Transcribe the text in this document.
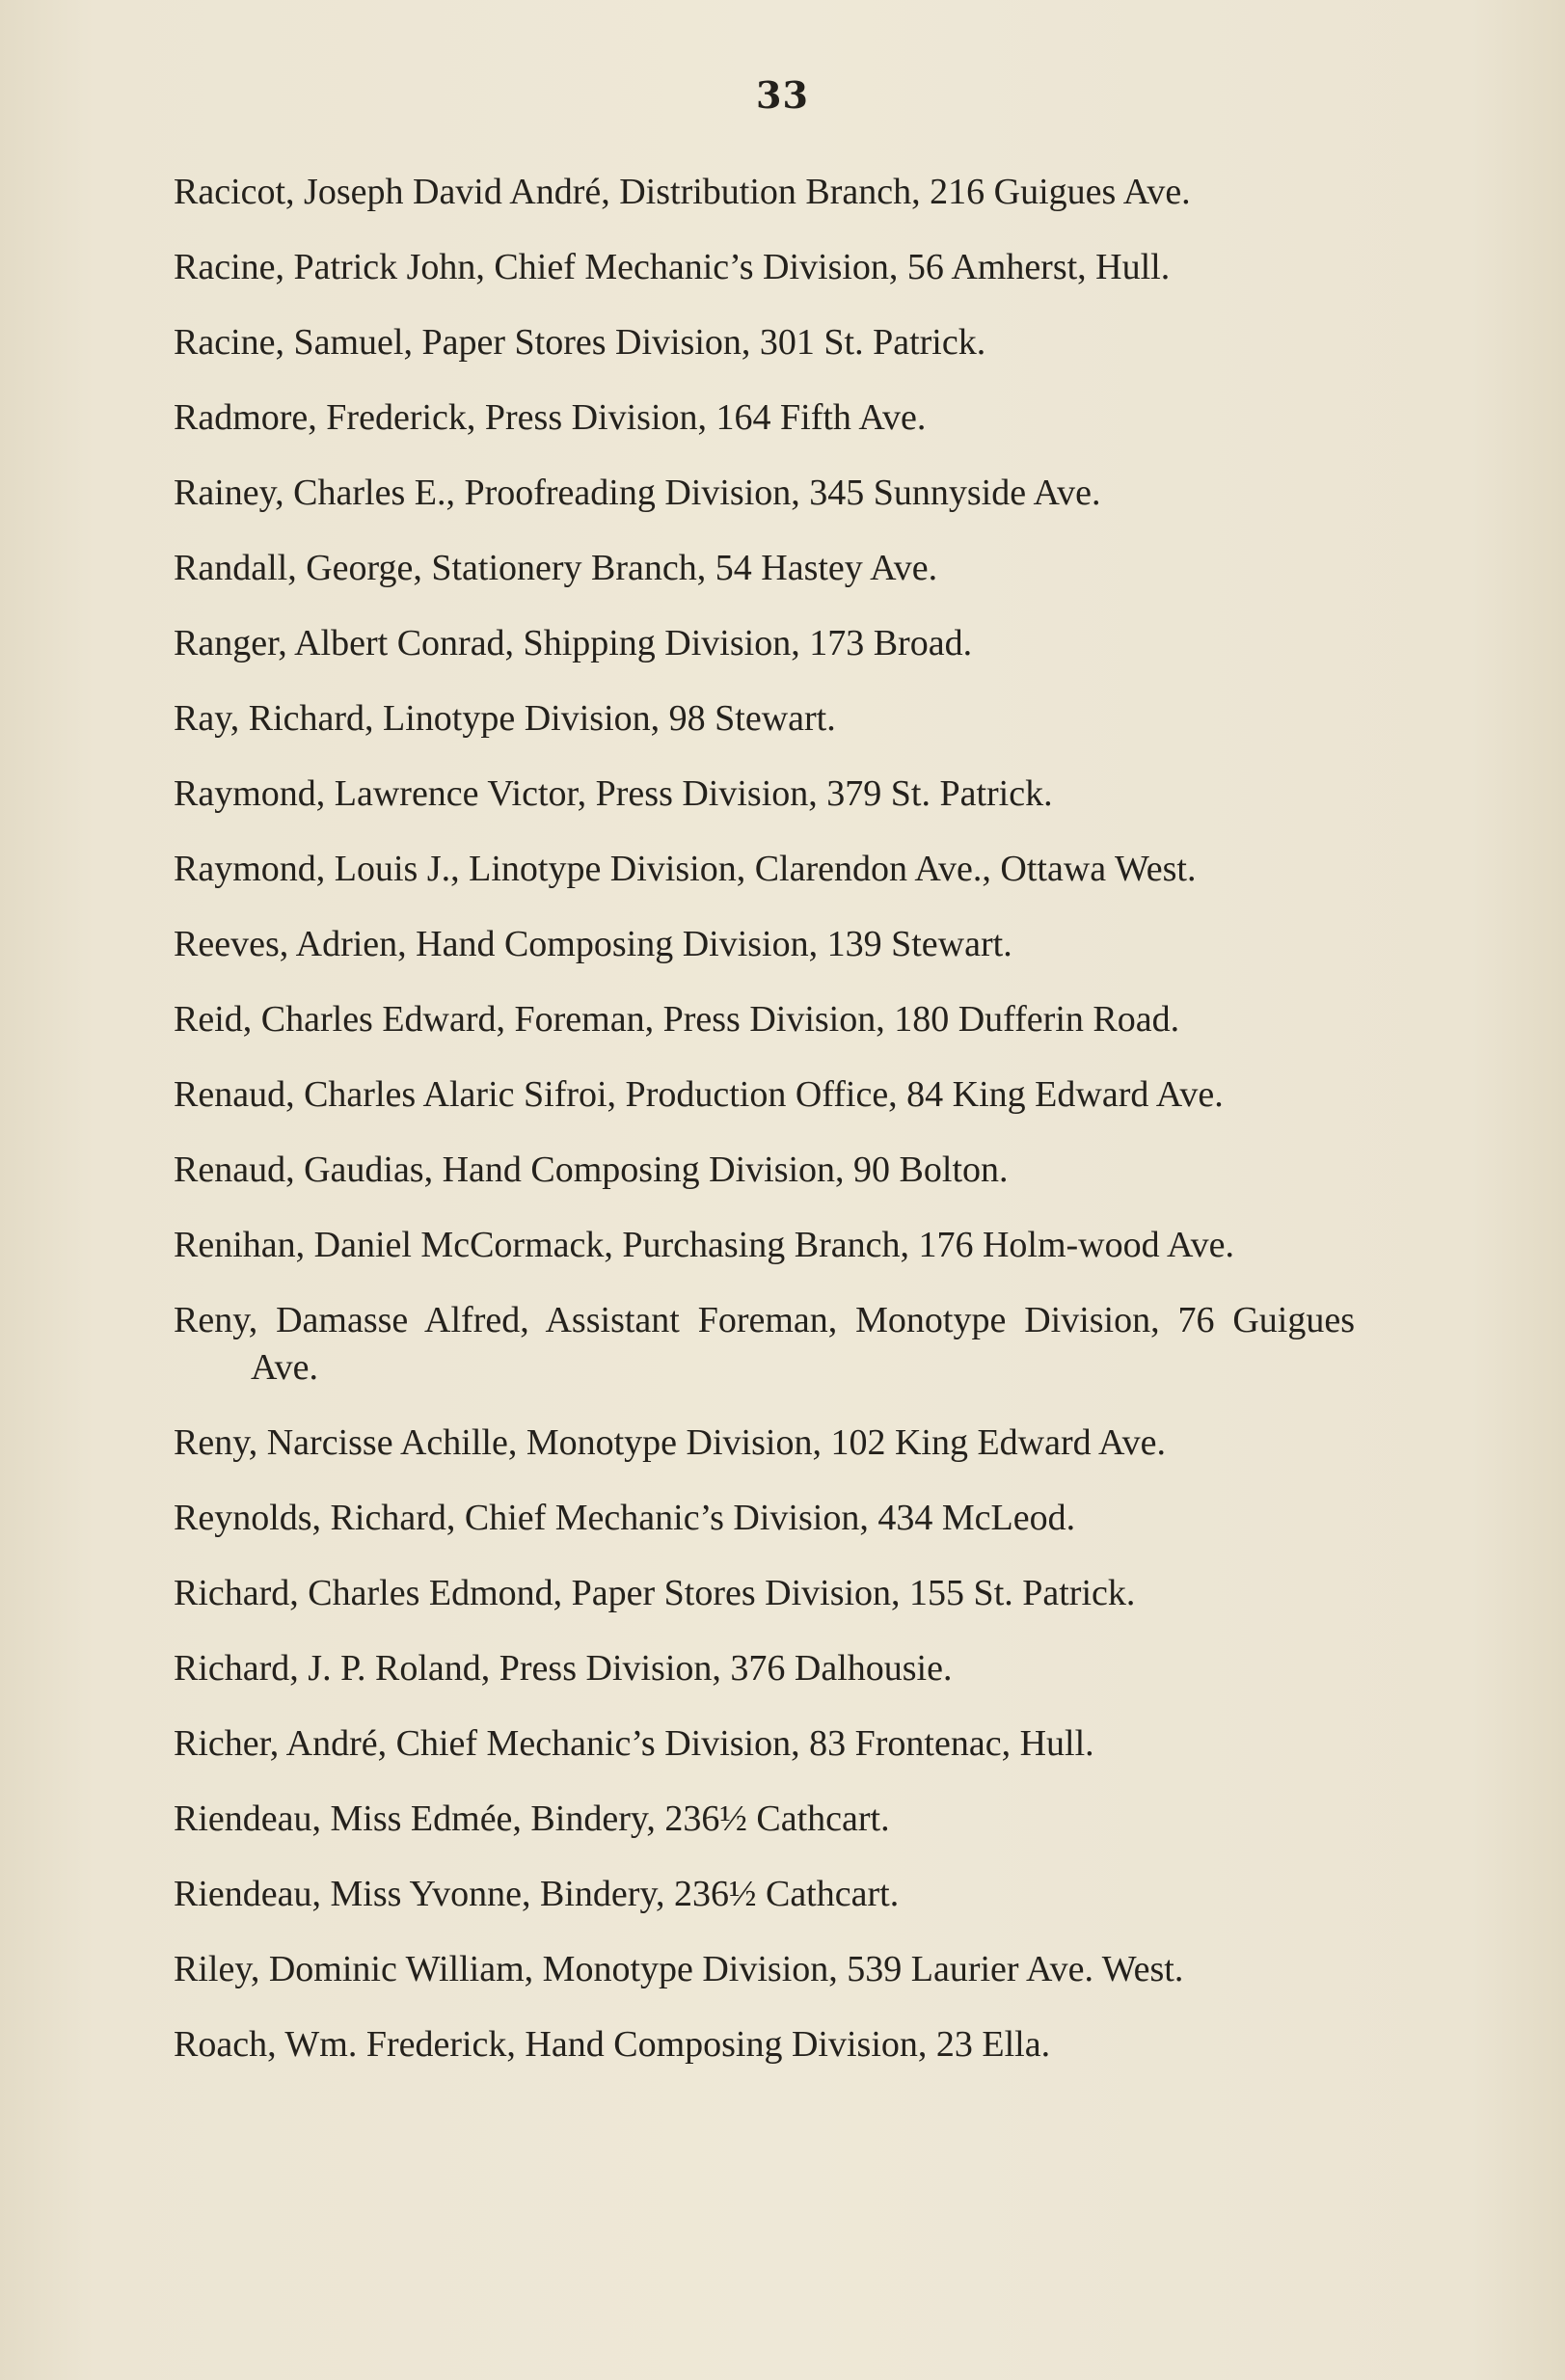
33

Racicot, Joseph David André, Distribution Branch, 216 Guigues Ave.

Racine, Patrick John, Chief Mechanic’s Division, 56 Amherst, Hull.

Racine, Samuel, Paper Stores Division, 301 St. Patrick.

Radmore, Frederick, Press Division, 164 Fifth Ave.

Rainey, Charles E., Proofreading Division, 345 Sunnyside Ave.

Randall, George, Stationery Branch, 54 Hastey Ave.

Ranger, Albert Conrad, Shipping Division, 173 Broad.

Ray, Richard, Linotype Division, 98 Stewart.

Raymond, Lawrence Victor, Press Division, 379 St. Patrick.

Raymond, Louis J., Linotype Division, Clarendon Ave., Ottawa West.

Reeves, Adrien, Hand Composing Division, 139 Stewart.

Reid, Charles Edward, Foreman, Press Division, 180 Dufferin Road.

Renaud, Charles Alaric Sifroi, Production Office, 84 King Edward Ave.

Renaud, Gaudias, Hand Composing Division, 90 Bolton.

Renihan, Daniel McCormack, Purchasing Branch, 176 Holm-wood Ave.

Reny, Damasse Alfred, Assistant Foreman, Monotype Division, 76 Guigues Ave.

Reny, Narcisse Achille, Monotype Division, 102 King Edward Ave.

Reynolds, Richard, Chief Mechanic’s Division, 434 McLeod.

Richard, Charles Edmond, Paper Stores Division, 155 St. Patrick.

Richard, J. P. Roland, Press Division, 376 Dalhousie.

Richer, André, Chief Mechanic’s Division, 83 Frontenac, Hull.

Riendeau, Miss Edmée, Bindery, 236½ Cathcart.

Riendeau, Miss Yvonne, Bindery, 236½ Cathcart.

Riley, Dominic William, Monotype Division, 539 Laurier Ave. West.

Roach, Wm. Frederick, Hand Composing Division, 23 Ella.
